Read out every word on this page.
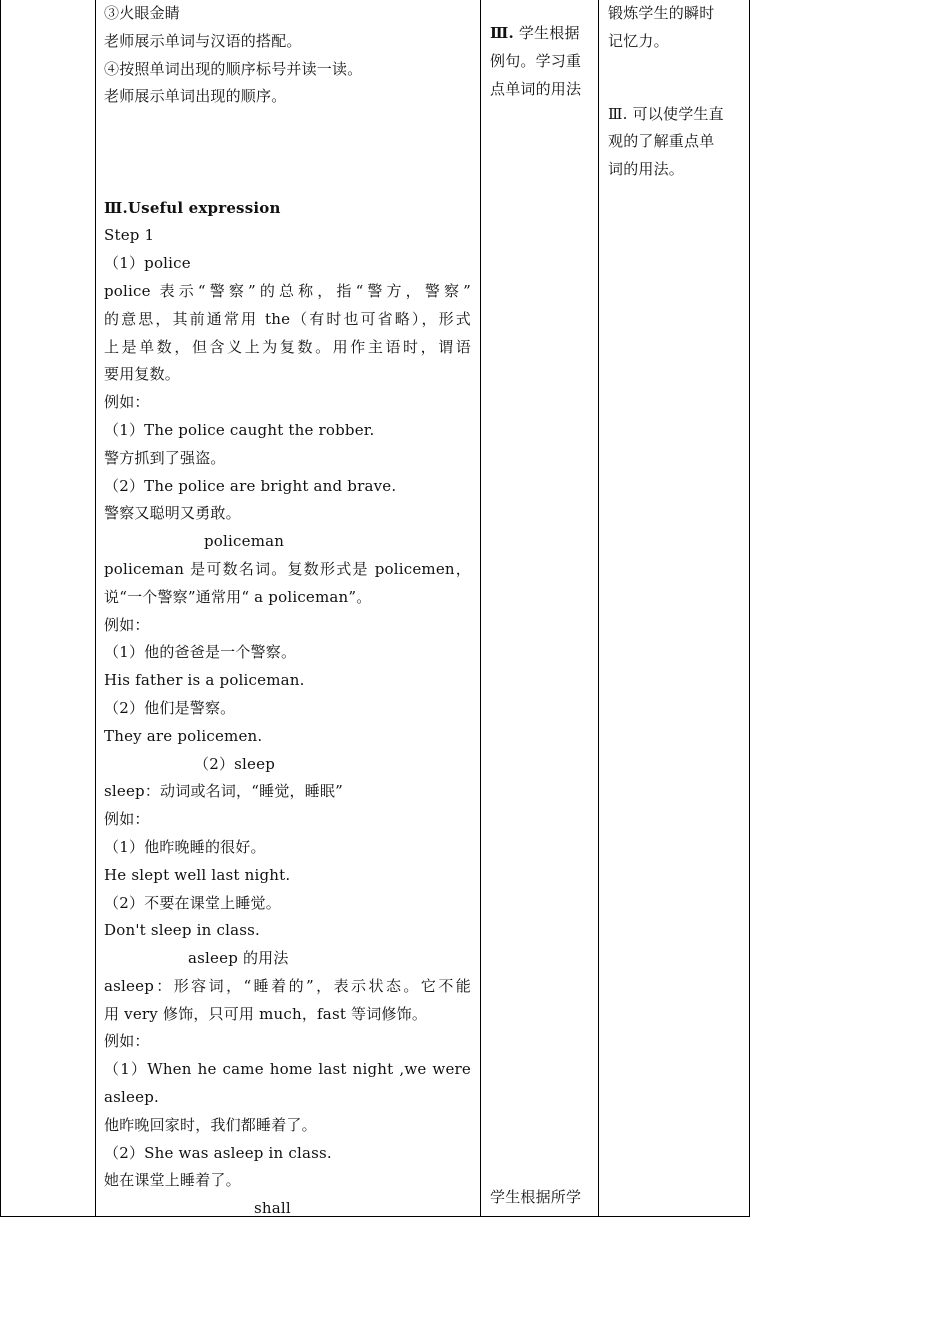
③火眼金睛
老师展示单词与汉语的搭配。
④按照单词出现的顺序标号并读一读。
老师展示单词出现的顺序。
Ⅲ.Useful expression
Step 1
（1）police
police 表示“警察”的总称，指“警方，警察”
的意思，其前通常用 the（有时也可省略），形式
上是单数，但含义上为复数。用作主语时，谓语
要用复数。
例如：
（1）The police caught the robber.
警方抓到了强盗。
（2）The police are bright and brave.
警察又聪明又勇敢。
policeman
policeman 是可数名词。复数形式是 policemen，
说“一个警察”通常用“ a policeman”。
例如：
（1）他的爸爸是一个警察。
His father is a policeman.
（2）他们是警察。
They are policemen.
（2）sleep
sleep：动词或名词，“睡觉，睡眠”
例如：
（1）他昨晚睡的很好。
He slept well last night.
（2）不要在课堂上睡觉。
Don't sleep in class.
asleep 的用法
asleep：形容词，“睡着的”，表示状态。它不能
用 very 修饰，只可用 much，fast 等词修饰。
例如：
（1）When he came home last night ,we were
asleep.
他昨晚回家时，我们都睡着了。
（2）She was asleep in class.
她在课堂上睡着了。
shall
Ⅲ. 学生根据
例句。学习重
点单词的用法
学生根据所学
锻炼学生的瞬时
记忆力。
Ⅲ. 可以使学生直
观的了解重点单
词的用法。
